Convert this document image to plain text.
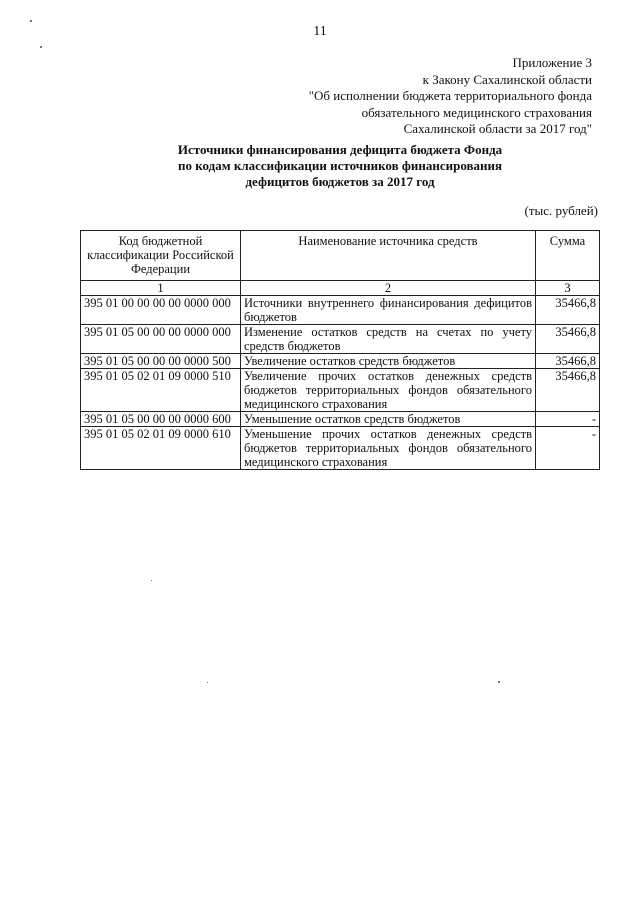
11
Приложение 3
к Закону Сахалинской области
"Об исполнении бюджета территориального фонда
обязательного медицинского страхования
Сахалинской области за 2017 год"
Источники финансирования дефицита бюджета Фонда
по кодам классификации источников финансирования
дефицитов бюджетов за 2017 год
(тыс. рублей)
Код бюджетной классификации Российской Федерации	Наименование источника средств	Сумма
1	2	3
395 01 00 00 00 00 0000 000	Источники внутреннего финансирования дефицитов бюджетов	35466,8
395 01 05 00 00 00 0000 000	Изменение остатков средств на счетах по учету средств бюджетов	35466,8
395 01 05 00 00 00 0000 500	Увеличение остатков средств бюджетов	35466,8
395 01 05 02 01 09 0000 510	Увеличение прочих остатков денежных средств бюджетов территориальных фондов обязательного медицинского страхования	35466,8
395 01 05 00 00 00 0000 600	Уменьшение остатков средств бюджетов	-
395 01 05 02 01 09 0000 610	Уменьшение прочих остатков денежных средств бюджетов территориальных фондов обязательного медицинского страхования	-
